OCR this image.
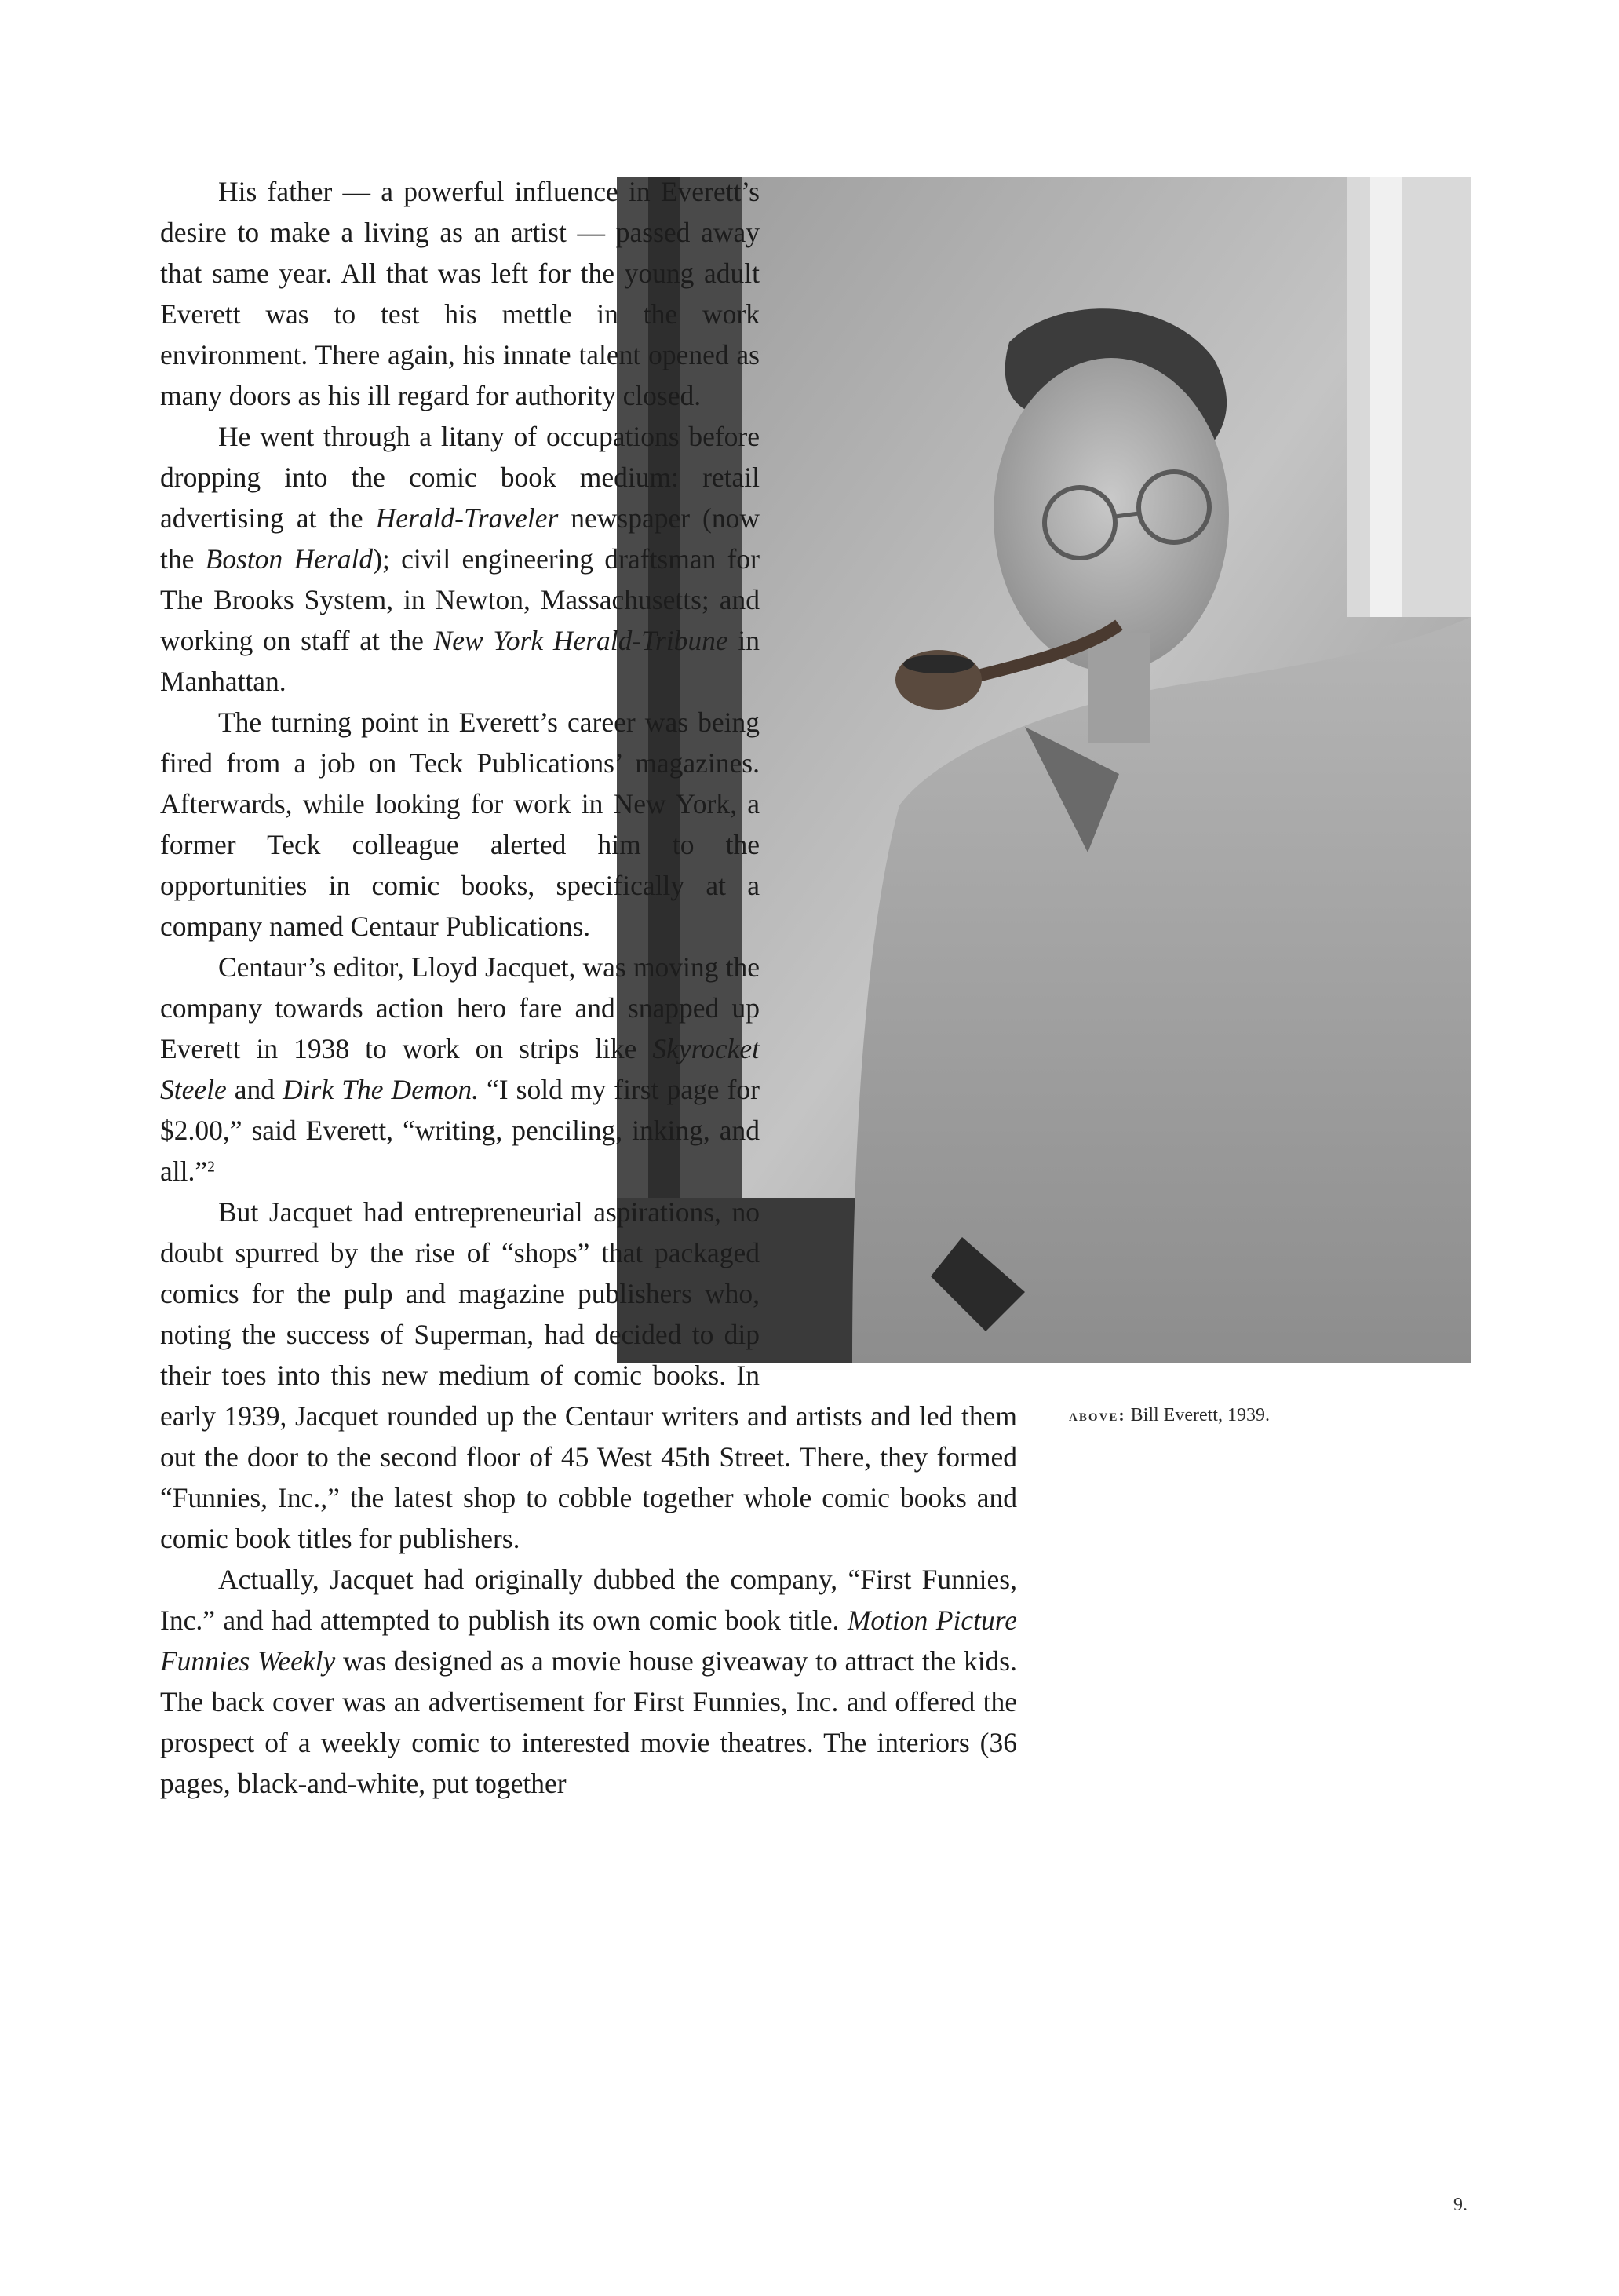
His father — a powerful influence in Everett’s desire to make a living as an artist — passed away that same year. All that was left for the young adult Everett was to test his mettle in the work environment. There again, his innate talent opened as many doors as his ill regard for authority closed.

He went through a litany of occupations before dropping into the comic book medium: retail advertising at the Herald-Traveler newspaper (now the Boston Herald); civil engineering draftsman for The Brooks System, in Newton, Massachusetts; and working on staff at the New York Herald-Tribune in Manhattan.

The turning point in Everett’s career was being fired from a job on Teck Publications’ magazines. Afterwards, while looking for work in New York, a former Teck colleague alerted him to the opportunities in comic books, specifically at a company named Centaur Publications.

Centaur’s editor, Lloyd Jacquet, was moving the company towards action hero fare and snapped up Everett in 1938 to work on strips like Skyrocket Steele and Dirk The Demon. “I sold my first page for $2.00,” said Everett, “writing, penciling, inking, and all.”$^2$

But Jacquet had entrepreneurial aspirations, no doubt spurred by the rise of “shops” that packaged comics for the pulp and magazine publishers who, noting the success of Superman, had decided to dip their toes into this new medium of comic books. In early 1939, Jacquet rounded up the Centaur writers and artists and led them out the door to the second floor of 45 West 45th Street. There, they formed “Funnies, Inc.,” the latest shop to cobble together whole comic books and comic book titles for publishers.

Actually, Jacquet had originally dubbed the company, “First Funnies, Inc.” and had attempted to publish its own comic book title. Motion Picture Funnies Weekly was designed as a movie house giveaway to attract the kids. The back cover was an advertisement for First Funnies, Inc. and offered the prospect of a weekly comic to interested movie theatres. The interiors (36 pages, black-and-white, put together

above: Bill Everett, 1939.
9.
